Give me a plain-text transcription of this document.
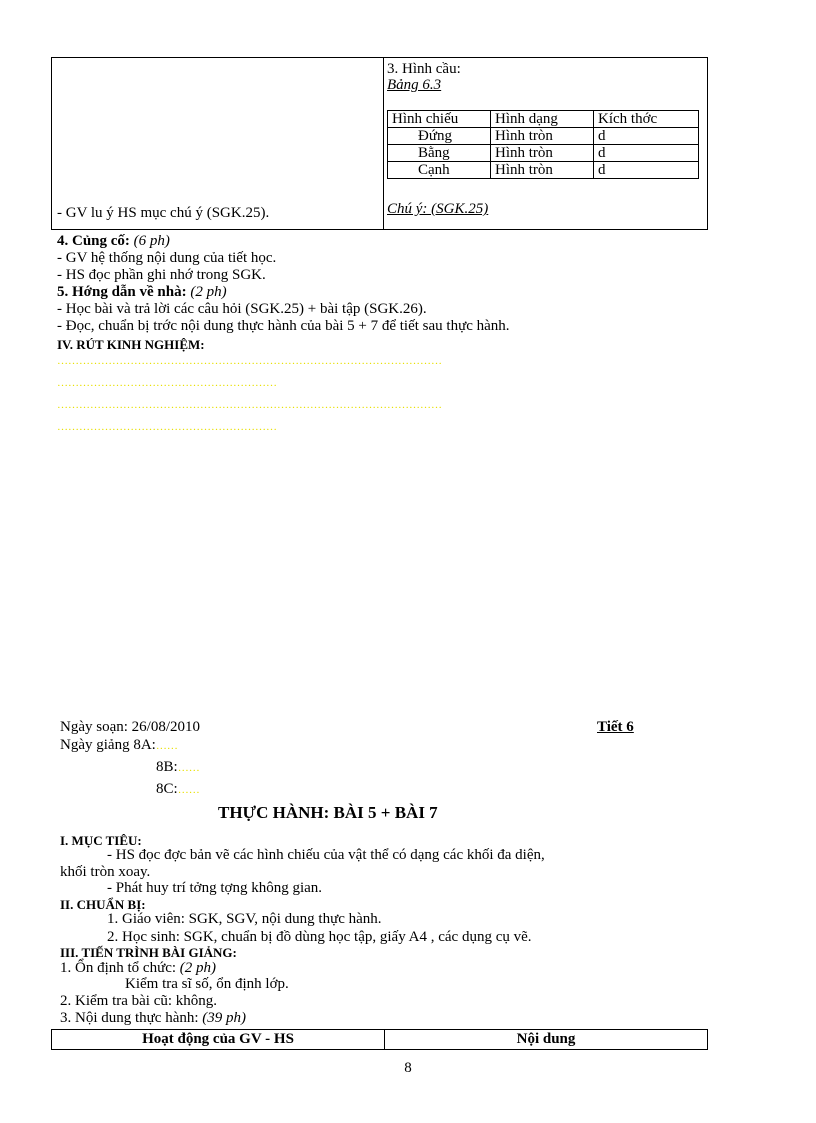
- GV lu ý HS mục chú ý (SGK.25).
3. Hình cầu:
Bảng 6.3
Hình chiếu	Hình dạng	Kích thớc
Đứng	Hình tròn	d
Bằng	Hình tròn	d
Cạnh	Hình tròn	d
Chú ý: (SGK.25)
4. Củng cố: (6 ph)
- GV hệ thống nội dung của tiết học.
- HS đọc phần ghi nhớ trong SGK.
5. Hớng dẫn về nhà: (2 ph)
- Học bài và trả lời các câu hỏi (SGK.25) + bài tập (SGK.26).
- Đọc, chuẩn bị trớc nội dung thực hành của bài 5 + 7 để tiết sau thực hành.
IV. RÚT KINH NGHIỆM:
……………………………………………………………………………………………
……………………………………………………
……………………………………………………………………………………………
……………………………………………………
Ngày soạn: 26/08/2010	Tiết 6
Ngày giảng 8A:……
8B:……
8C:……
THỰC HÀNH: BÀI 5 + BÀI 7
I. MỤC TIÊU:
- HS đọc đợc bản vẽ các hình chiếu của vật thể có dạng các khối đa diện,
khối tròn xoay.
- Phát huy trí tởng tợng không gian.
II. CHUẨN BỊ:
1. Giáo viên: SGK, SGV, nội dung thực hành.
2. Học sinh: SGK, chuẩn bị đồ dùng học tập, giấy A4 , các dụng cụ vẽ.
III. TIẾN TRÌNH BÀI GIẢNG:
1. Ổn định tổ chức: (2 ph)
Kiểm tra sĩ số, ổn định lớp.
2. Kiểm tra bài cũ: không.
3. Nội dung thực hành: (39 ph)
Hoạt động của GV - HS	Nội dung
8
